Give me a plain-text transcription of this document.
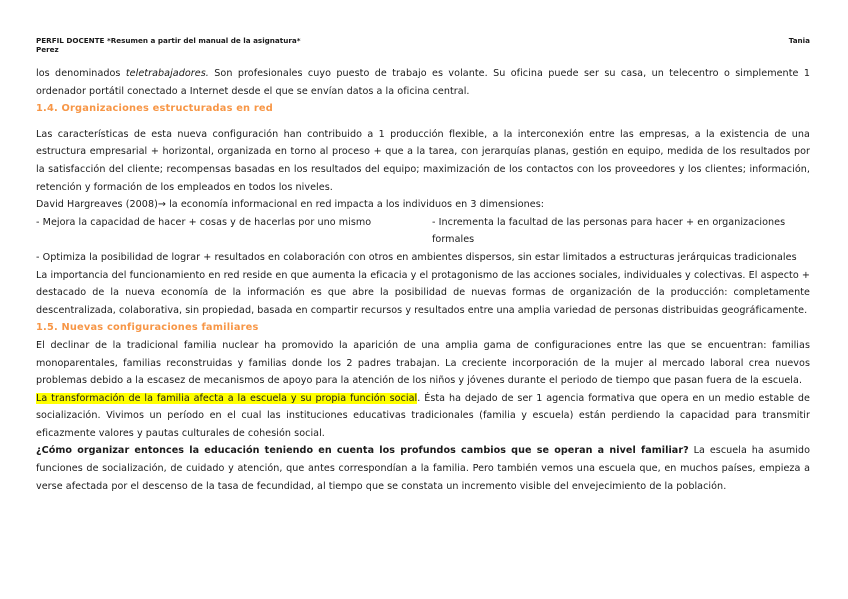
PERFIL DOCENTE *Resumen a partir del manual de la asignatura*
Perez
Tania

los denominados teletrabajadores. Son profesionales cuyo puesto de trabajo es volante. Su oficina puede ser su casa, un telecentro o simplemente 1 ordenador portátil conectado a Internet desde el que se envían datos a la oficina central.

1.4. Organizaciones estructuradas en red

Las características de esta nueva configuración han contribuido a 1 producción flexible, a la interconexión entre las empresas, a la existencia de una estructura empresarial + horizontal, organizada en torno al proceso + que a la tarea, con jerarquías planas, gestión en equipo, medida de los resultados por la satisfacción del cliente; recompensas basadas en los resultados del equipo; maximización de los contactos con los proveedores y los clientes; información, retención y formación de los empleados en todos los niveles.

David Hargreaves (2008)→ la economía informacional en red impacta a los individuos en 3 dimensiones:

- Mejora la capacidad de hacer + cosas y de hacerlas por uno mismo	- Incrementa la facultad de las personas para hacer + en organizaciones formales

- Optimiza la posibilidad de lograr + resultados en colaboración con otros en ambientes dispersos, sin estar limitados a estructuras jerárquicas tradicionales

La importancia del funcionamiento en red reside en que aumenta la eficacia y el protagonismo de las acciones sociales, individuales y colectivas. El aspecto + destacado de la nueva economía de la información es que abre la posibilidad de nuevas formas de organización de la producción: completamente descentralizada, colaborativa, sin propiedad, basada en compartir recursos y resultados entre una amplia variedad de personas distribuidas geográficamente.

1.5. Nuevas configuraciones familiares

El declinar de la tradicional familia nuclear ha promovido la aparición de una amplia gama de configuraciones entre las que se encuentran: familias monoparentales, familias reconstruidas y familias donde los 2 padres trabajan. La creciente incorporación de la mujer al mercado laboral crea nuevos problemas debido a la escasez de mecanismos de apoyo para la atención de los niños y jóvenes durante el periodo de tiempo que pasan fuera de la escuela.

La transformación de la familia afecta a la escuela y su propia función social. Ésta ha dejado de ser 1 agencia formativa que opera en un medio estable de socialización. Vivimos un período en el cual las instituciones educativas tradicionales (familia y escuela) están perdiendo la capacidad para transmitir eficazmente valores y pautas culturales de cohesión social.

¿Cómo organizar entonces la educación teniendo en cuenta los profundos cambios que se operan a nivel familiar? La escuela ha asumido funciones de socialización, de cuidado y atención, que antes correspondían a la familia. Pero también vemos una escuela que, en muchos países, empieza a verse afectada por el descenso de la tasa de fecundidad, al tiempo que se constata un incremento visible del envejecimiento de la población.
